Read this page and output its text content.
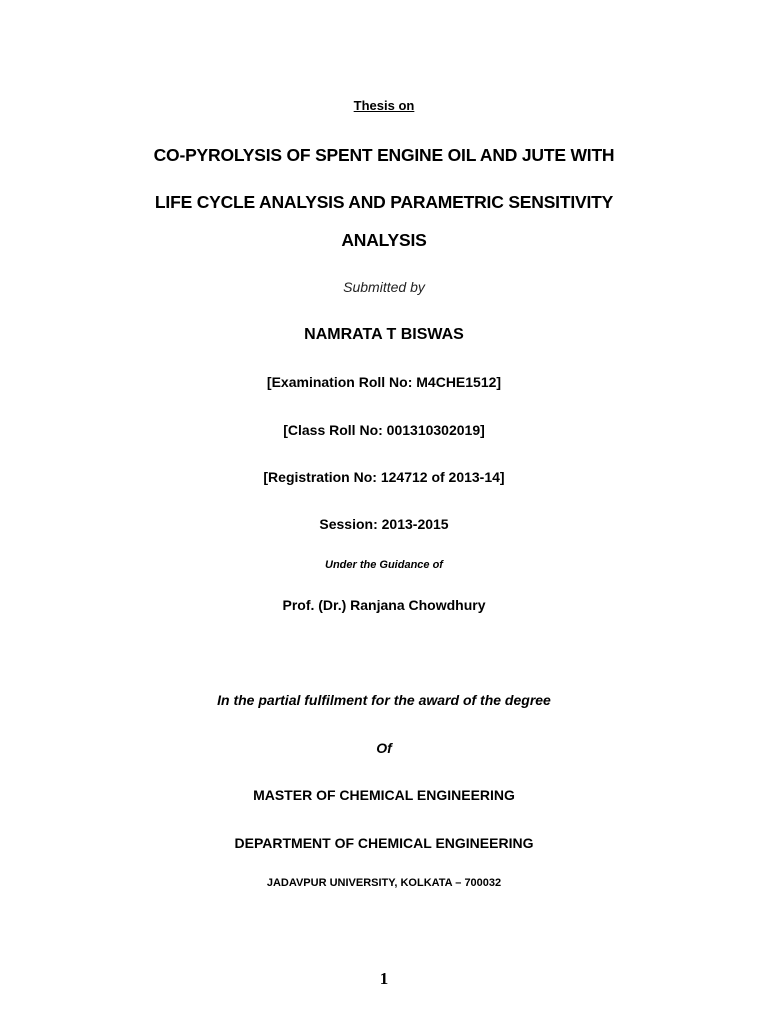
Thesis on
CO-PYROLYSIS OF SPENT ENGINE OIL AND JUTE WITH
LIFE CYCLE ANALYSIS AND PARAMETRIC SENSITIVITY
ANALYSIS
Submitted by
NAMRATA T BISWAS
[Examination Roll No: M4CHE1512]
[Class Roll No: 001310302019]
[Registration No: 124712 of 2013-14]
Session: 2013-2015
Under the Guidance of
Prof. (Dr.) Ranjana Chowdhury
In the partial fulfilment for the award of the degree
Of
MASTER OF CHEMICAL ENGINEERING
DEPARTMENT OF CHEMICAL ENGINEERING
JADAVPUR UNIVERSITY, KOLKATA – 700032
1
